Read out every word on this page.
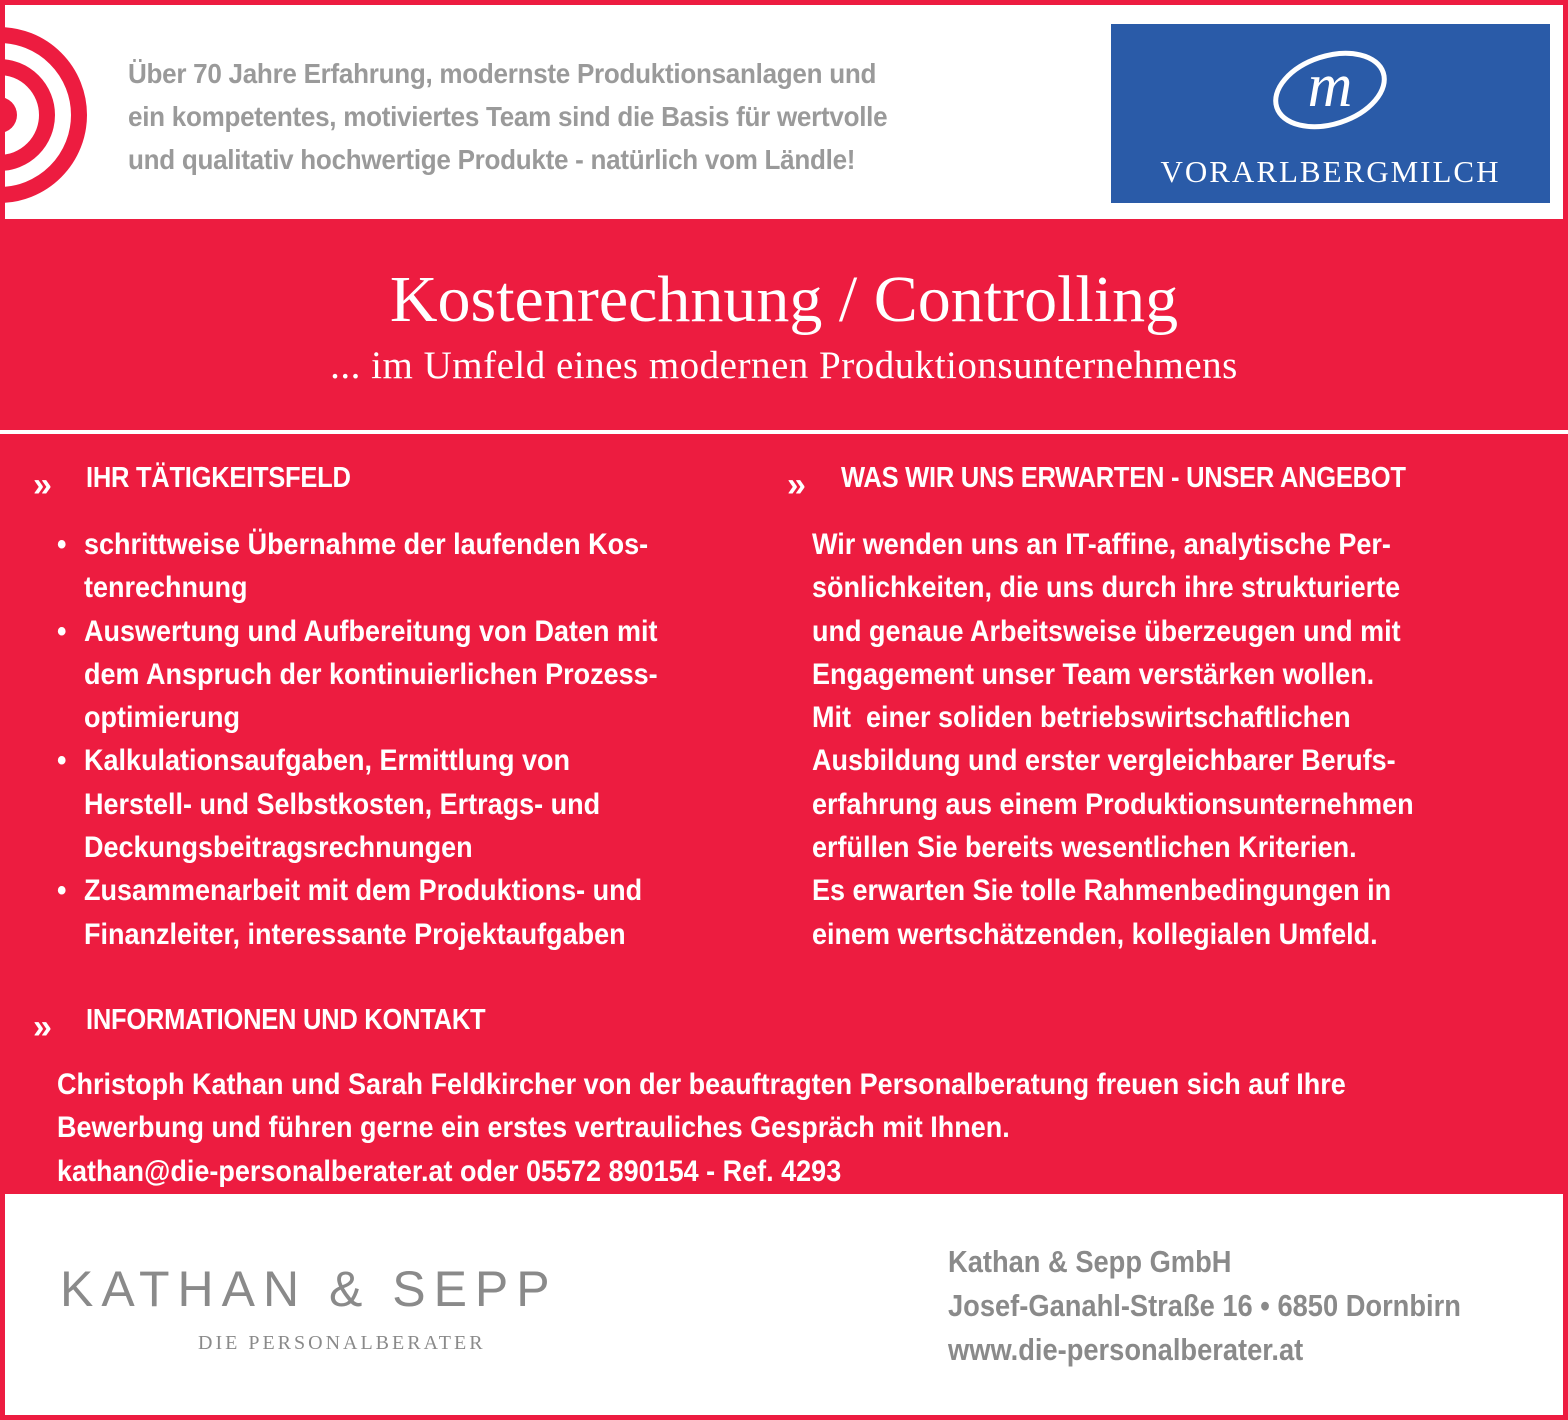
Über 70 Jahre Erfahrung, modernste Produktionsanlagen und
ein kompetentes, motiviertes Team sind die Basis für wertvolle
und qualitativ hochwertige Produkte - natürlich vom Ländle!
m
VORARLBERGMILCH
Kostenrechnung / Controlling
... im Umfeld eines modernen Produktionsunternehmens
» IHR TÄTIGKEITSFELD
• schrittweise Übernahme der laufenden Kos-
tenrechnung
• Auswertung und Aufbereitung von Daten mit
dem Anspruch der kontinuierlichen Prozess-
optimierung
• Kalkulationsaufgaben, Ermittlung von
Herstell- und Selbstkosten, Ertrags- und
Deckungsbeitragsrechnungen
• Zusammenarbeit mit dem Produktions- und
Finanzleiter, interessante Projektaufgaben
» WAS WIR UNS ERWARTEN - UNSER ANGEBOT
Wir wenden uns an IT-affine, analytische Per-
sönlichkeiten, die uns durch ihre strukturierte
und genaue Arbeitsweise überzeugen und mit
Engagement unser Team verstärken wollen.
Mit  einer soliden betriebswirtschaftlichen
Ausbildung und erster vergleichbarer Berufs-
erfahrung aus einem Produktionsunternehmen
erfüllen Sie bereits wesentlichen Kriterien.
Es erwarten Sie tolle Rahmenbedingungen in
einem wertschätzenden, kollegialen Umfeld.
» INFORMATIONEN UND KONTAKT
Christoph Kathan und Sarah Feldkircher von der beauftragten Personalberatung freuen sich auf Ihre
Bewerbung und führen gerne ein erstes vertrauliches Gespräch mit Ihnen.
kathan@die-personalberater.at oder 05572 890154 - Ref. 4293
KATHAN & SEPP
DIE PERSONALBERATER
Kathan & Sepp GmbH
Josef-Ganahl-Straße 16 • 6850 Dornbirn
www.die-personalberater.at
